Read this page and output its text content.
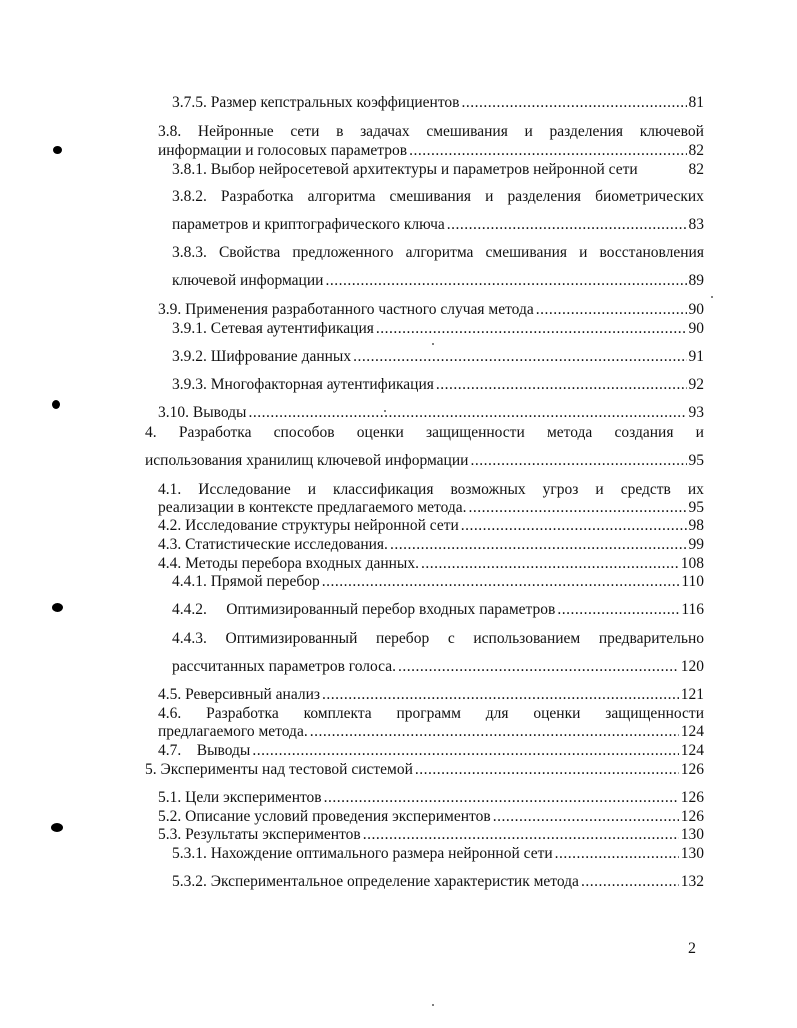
3.7.5. Размер кепстральных коэффициентов .....	81
3.8. Нейронные сети в задачах смешивания и разделения ключевой
информации и голосовых параметров .....	82
3.8.1. Выбор нейросетевой архитектуры и параметров нейронной сети	82
3.8.2. Разработка алгоритма смешивания и разделения биометрических
параметров и криптографического ключа .....	83
3.8.3. Свойства предложенного алгоритма смешивания и восстановления
ключевой информации .....	89
3.9. Применения разработанного частного случая метода .....	90
3.9.1. Сетевая аутентификация .....	90
3.9.2. Шифрование данных .....	91
3.9.3. Многофакторная аутентификация .....	92
3.10. Выводы .....	93
4. Разработка способов оценки защищенности метода создания и
использования хранилищ ключевой информации .....	95
4.1. Исследование и классификация возможных угроз и средств их
реализации в контексте предлагаемого метода. .....	95
4.2. Исследование структуры нейронной сети .....	98
4.3. Статистические исследования. .....	99
4.4. Методы перебора входных данных. .....	108
4.4.1. Прямой перебор .....	110
4.4.2.     Оптимизированный перебор входных параметров .....	116
4.4.3. Оптимизированный перебор с использованием предварительно
рассчитанных параметров голоса. .....	120
4.5. Реверсивный анализ .....	121
4.6. Разработка комплекта программ для оценки защищенности
предлагаемого метода. .....	124
4.7.    Выводы .....	124
5. Эксперименты над тестовой системой .....	126
5.1. Цели экспериментов .....	126
5.2. Описание условий проведения экспериментов .....	126
5.3. Результаты экспериментов .....	130
5.3.1. Нахождение оптимального размера нейронной сети .....	130
5.3.2. Экспериментальное определение характеристик метода .....	132
2
